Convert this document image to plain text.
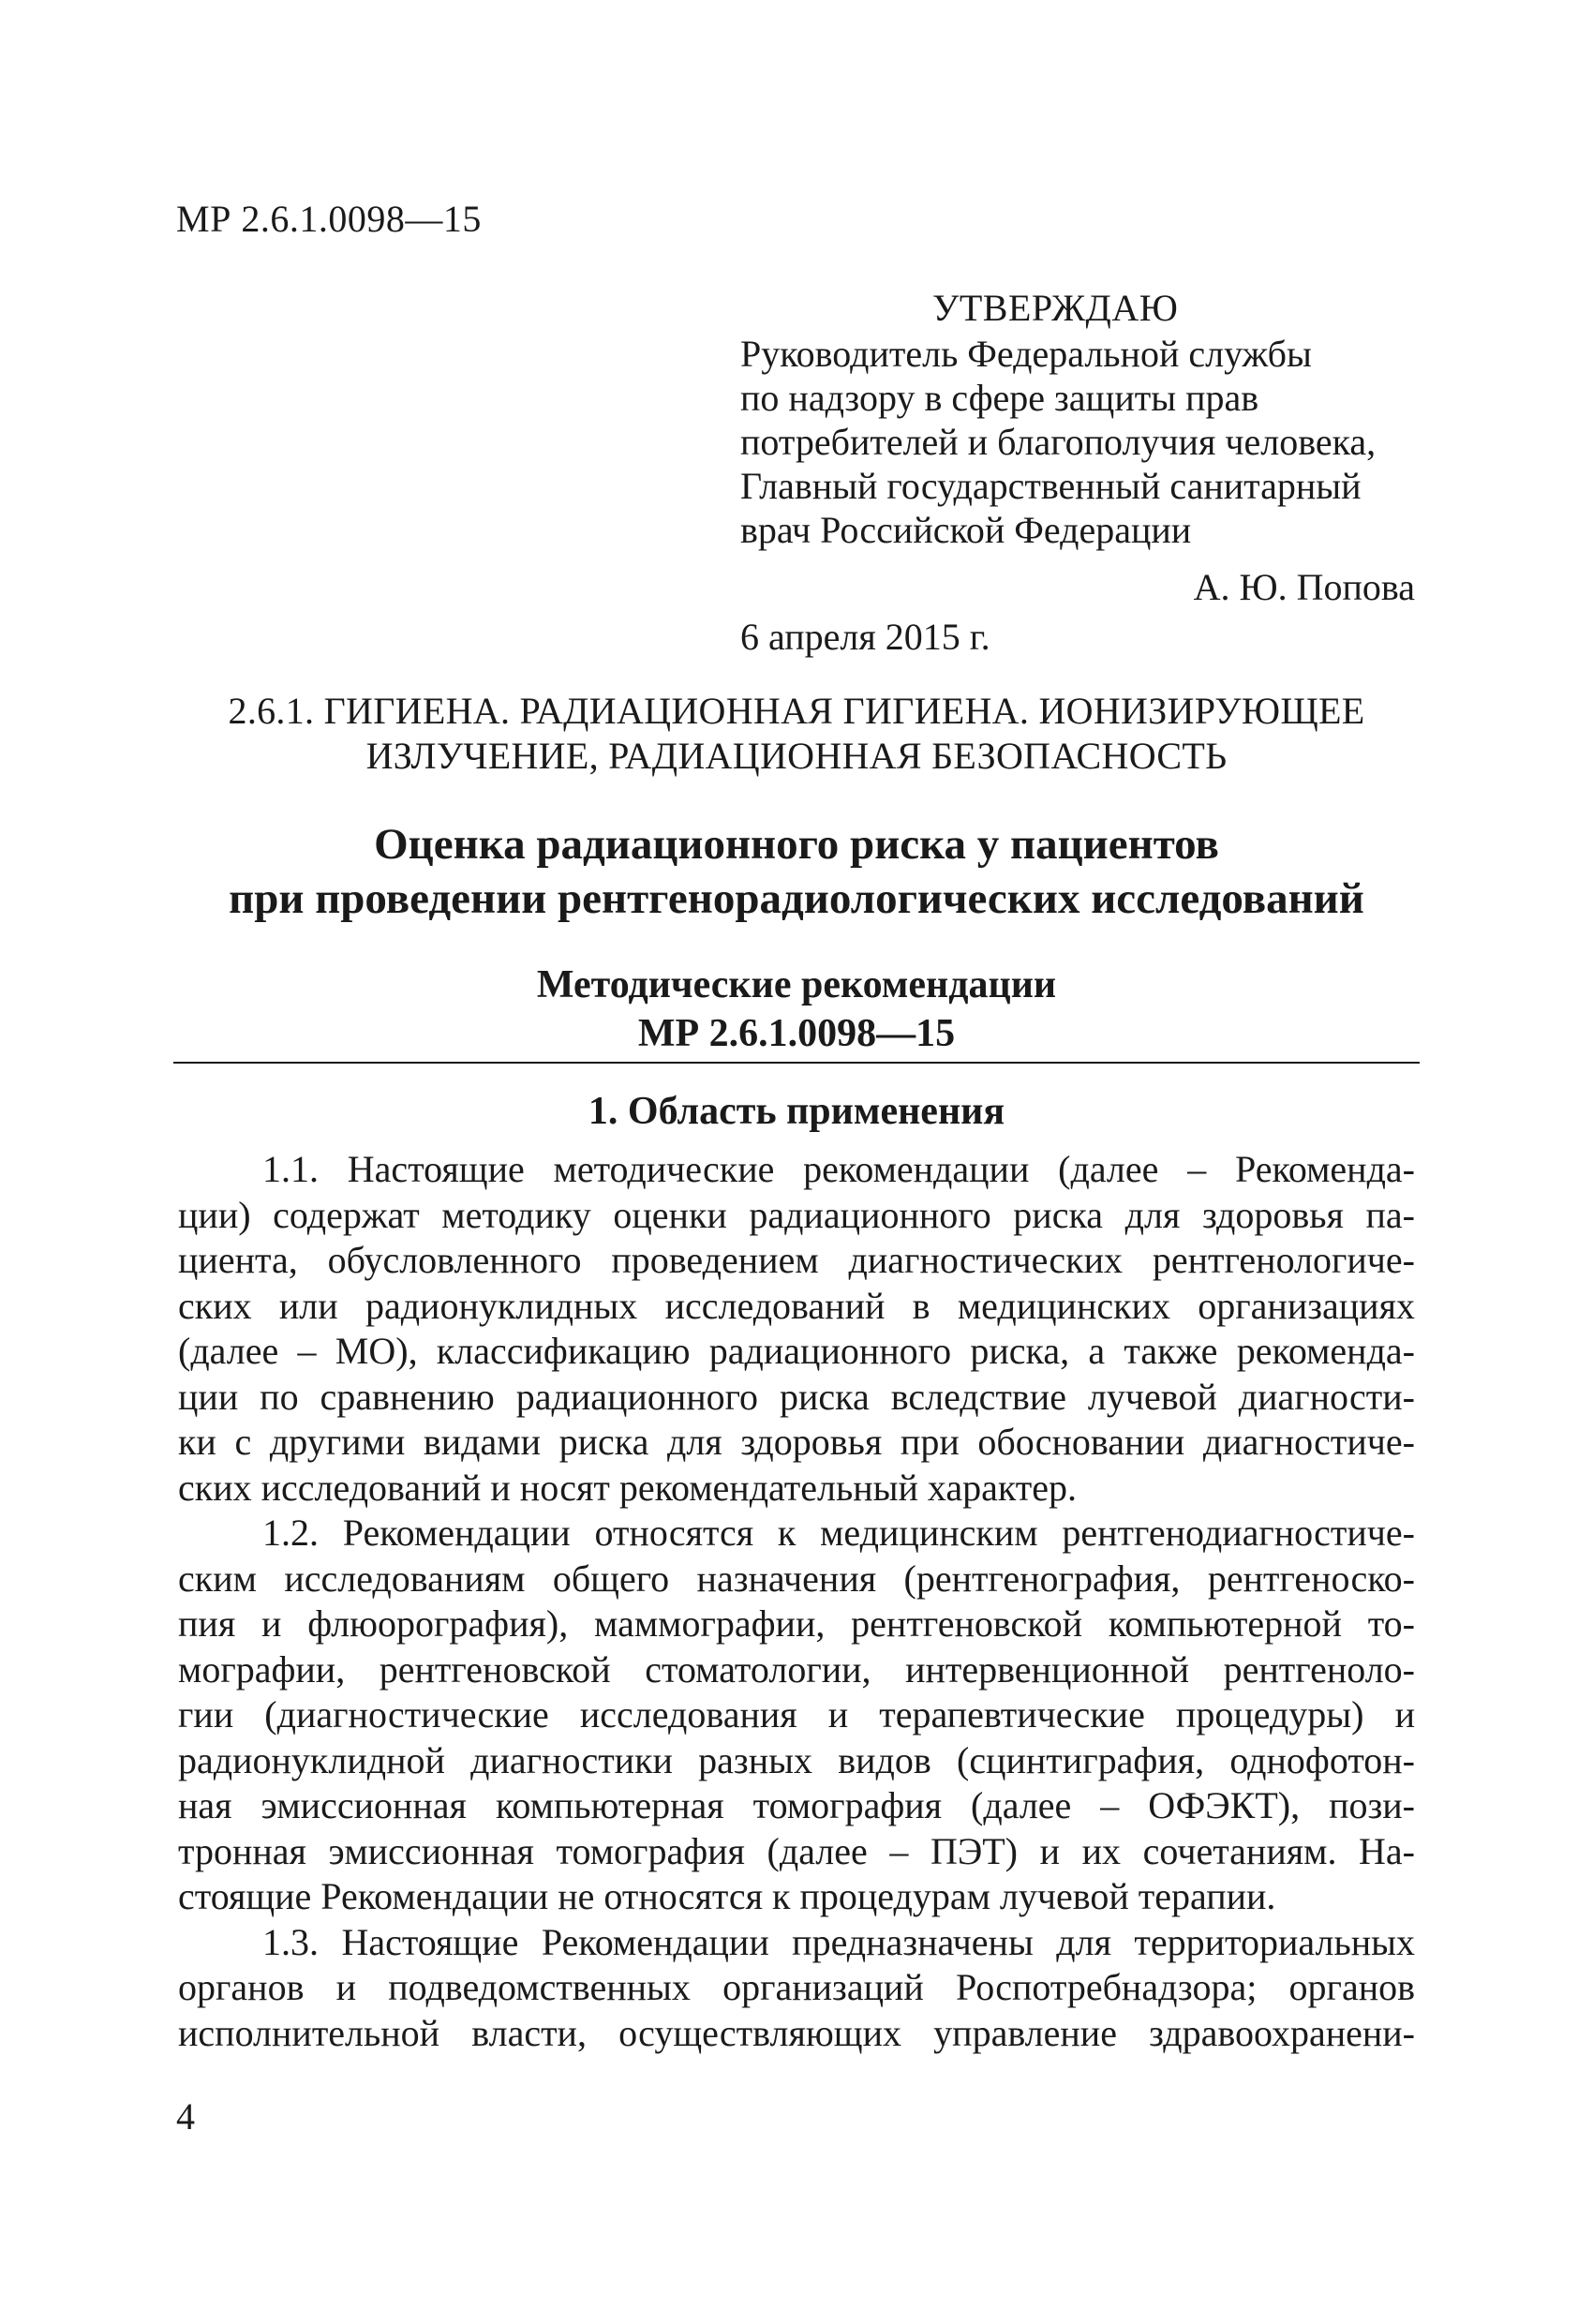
МР 2.6.1.0098—15
УТВЕРЖДАЮ
Руководитель Федеральной службы
по надзору в сфере защиты прав
потребителей и благополучия человека,
Главный государственный санитарный
врач Российской Федерации
А. Ю. Попова
6 апреля 2015 г.
2.6.1. ГИГИЕНА. РАДИАЦИОННАЯ ГИГИЕНА. ИОНИЗИРУЮЩЕЕ
ИЗЛУЧЕНИЕ, РАДИАЦИОННАЯ БЕЗОПАСНОСТЬ
Оценка радиационного риска у пациентов
при проведении рентгенорадиологических исследований
Методические рекомендации
МР 2.6.1.0098—15
1. Область применения
1.1. Настоящие методические рекомендации (далее – Рекоменда-
ции) содержат методику оценки радиационного риска для здоровья па-
циента, обусловленного проведением диагностических рентгенологиче-
ских или радионуклидных исследований в медицинских организациях
(далее – МО), классификацию радиационного риска, а также рекоменда-
ции по сравнению радиационного риска вследствие лучевой диагности-
ки с другими видами риска для здоровья при обосновании диагностиче-
ских исследований и носят рекомендательный характер.
1.2. Рекомендации относятся к медицинским рентгенодиагностиче-
ским исследованиям общего назначения (рентгенография, рентгеноско-
пия и флюорография), маммографии, рентгеновской компьютерной то-
мографии, рентгеновской стоматологии, интервенционной рентгеноло-
гии (диагностические исследования и терапевтические процедуры) и
радионуклидной диагностики разных видов (сцинтиграфия, однофотон-
ная эмиссионная компьютерная томография (далее – ОФЭКТ), пози-
тронная эмиссионная томография (далее – ПЭТ) и их сочетаниям. На-
стоящие Рекомендации не относятся к процедурам лучевой терапии.
1.3. Настоящие Рекомендации предназначены для территориальных
органов и подведомственных организаций Роспотребнадзора; органов
исполнительной власти, осуществляющих управление здравоохранени-
4
